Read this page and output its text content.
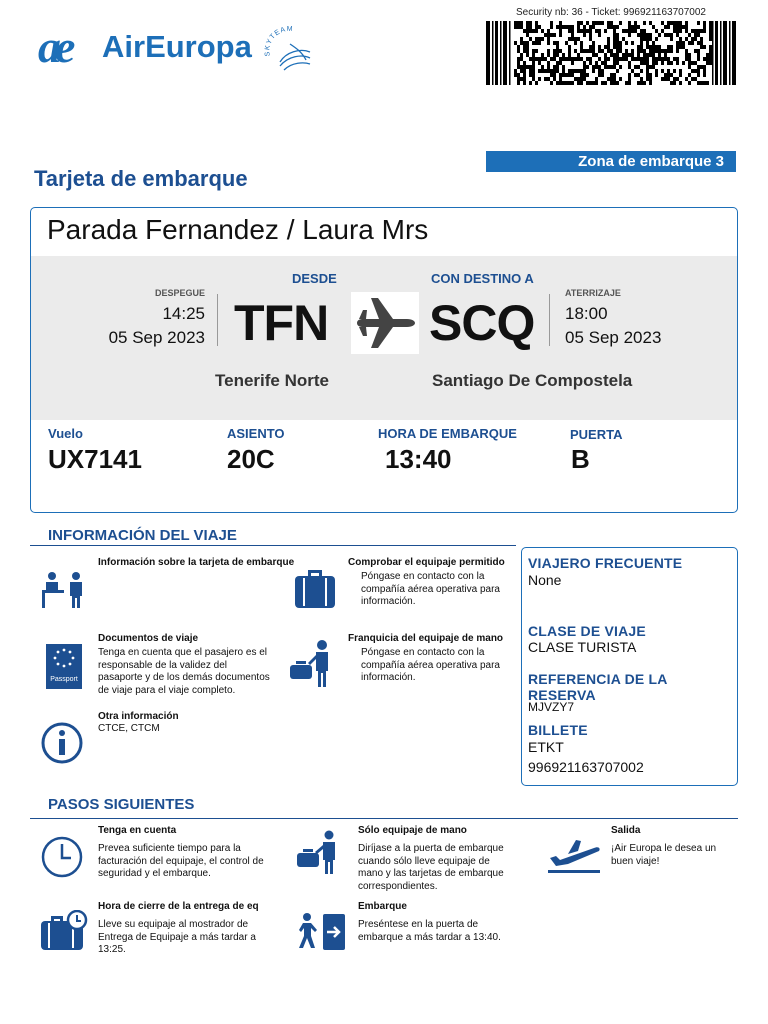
ae AirEuropa SKYTEAM
Security nb: 36 - Ticket: 996921163707002
Tarjeta de embarque
Zona de embarque 3
Parada Fernandez / Laura Mrs
DESPEGUE
14:25
05 Sep 2023
DESDE
TFN
CON DESTINO A
SCQ
ATERRIZAJE
18:00
05 Sep 2023
Tenerife Norte	Santiago De Compostela
Vuelo
UX7141
ASIENTO
20C
HORA DE EMBARQUE
13:40
PUERTA
B
INFORMACIÓN DEL VIAJE
Información sobre la tarjeta de embarque	Comprobar el equipaje permitido
Póngase en contacto con la compañía aérea operativa para información.
Passport
Documentos de viaje
Tenga en cuenta que el pasajero es el responsable de la validez del pasaporte y de los demás documentos de viaje para el viaje completo.
Franquicia del equipaje de mano
Póngase en contacto con la compañía aérea operativa para información.
Otra información
CTCE, CTCM
VIAJERO FRECUENTE
None
CLASE DE VIAJE
CLASE TURISTA
REFERENCIA DE LA RESERVA
MJVZY7
BILLETE
ETKT
996921163707002
PASOS SIGUIENTES
Tenga en cuenta
Prevea suficiente tiempo para la facturación del equipaje, el control de seguridad y el embarque.
Sólo equipaje de mano
Diríjase a la puerta de embarque cuando sólo lleve equipaje de mano y las tarjetas de embarque correspondientes.
Salida
¡Air Europa le desea un buen viaje!
Hora de cierre de la entrega de eq
Lleve su equipaje al mostrador de Entrega de Equipaje a más tardar a 13:25.
Embarque
Preséntese en la puerta de embarque a más tardar a 13:40.
